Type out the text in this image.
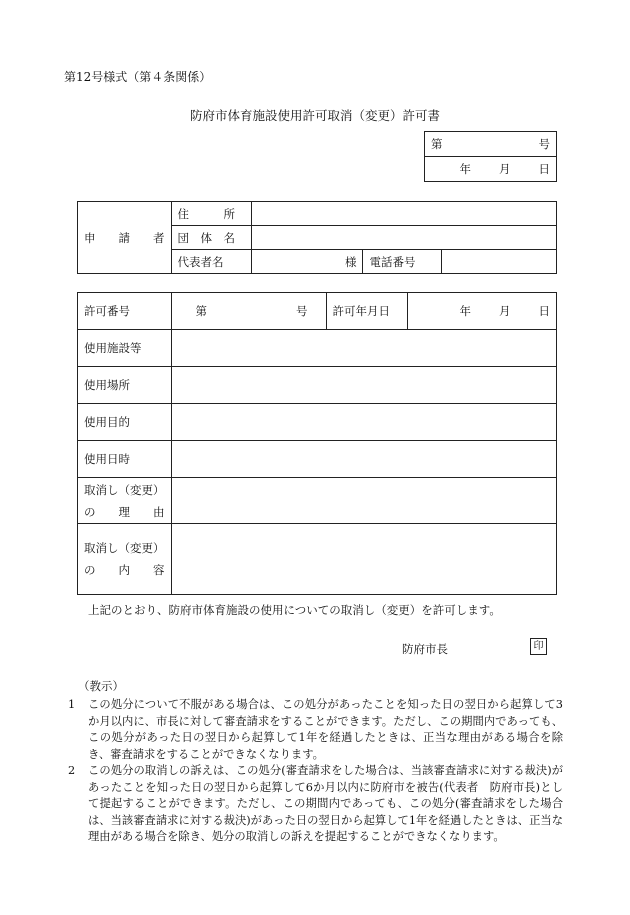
第12号様式（第４条関係）
防府市体育施設使用許可取消（変更）許可書
第	号

年 月 日
申　　請　　者	住　　　所			
	団　体　名			
	代表者名	様	電話番号	
許可番号	第 号	許可年月日	年 月 日

使用施設等			
使用場所			
使用目的			
使用日時			

取消し（変更）
の　　理　　由			

取消し（変更）
の　　内　　容			

上記のとおり、防府市体育施設の使用についての取消し（変更）を許可します。
防府市長	印
（教示）
1 この処分について不服がある場合は、この処分があったことを知った日の翌日から起算して3か月以内に、市長に対して審査請求をすることができます。ただし、この期間内であっても、この処分があった日の翌日から起算して1年を経過したときは、正当な理由がある場合を除き、審査請求をすることができなくなります。
2 この処分の取消しの訴えは、この処分(審査請求をした場合は、当該審査請求に対する裁決)があったことを知った日の翌日から起算して6か月以内に防府市を被告(代表者　防府市長)として提起することができます。ただし、この期間内であっても、この処分(審査請求をした場合は、当該審査請求に対する裁決)があった日の翌日から起算して1年を経過したときは、正当な理由がある場合を除き、処分の取消しの訴えを提起することができなくなります。
